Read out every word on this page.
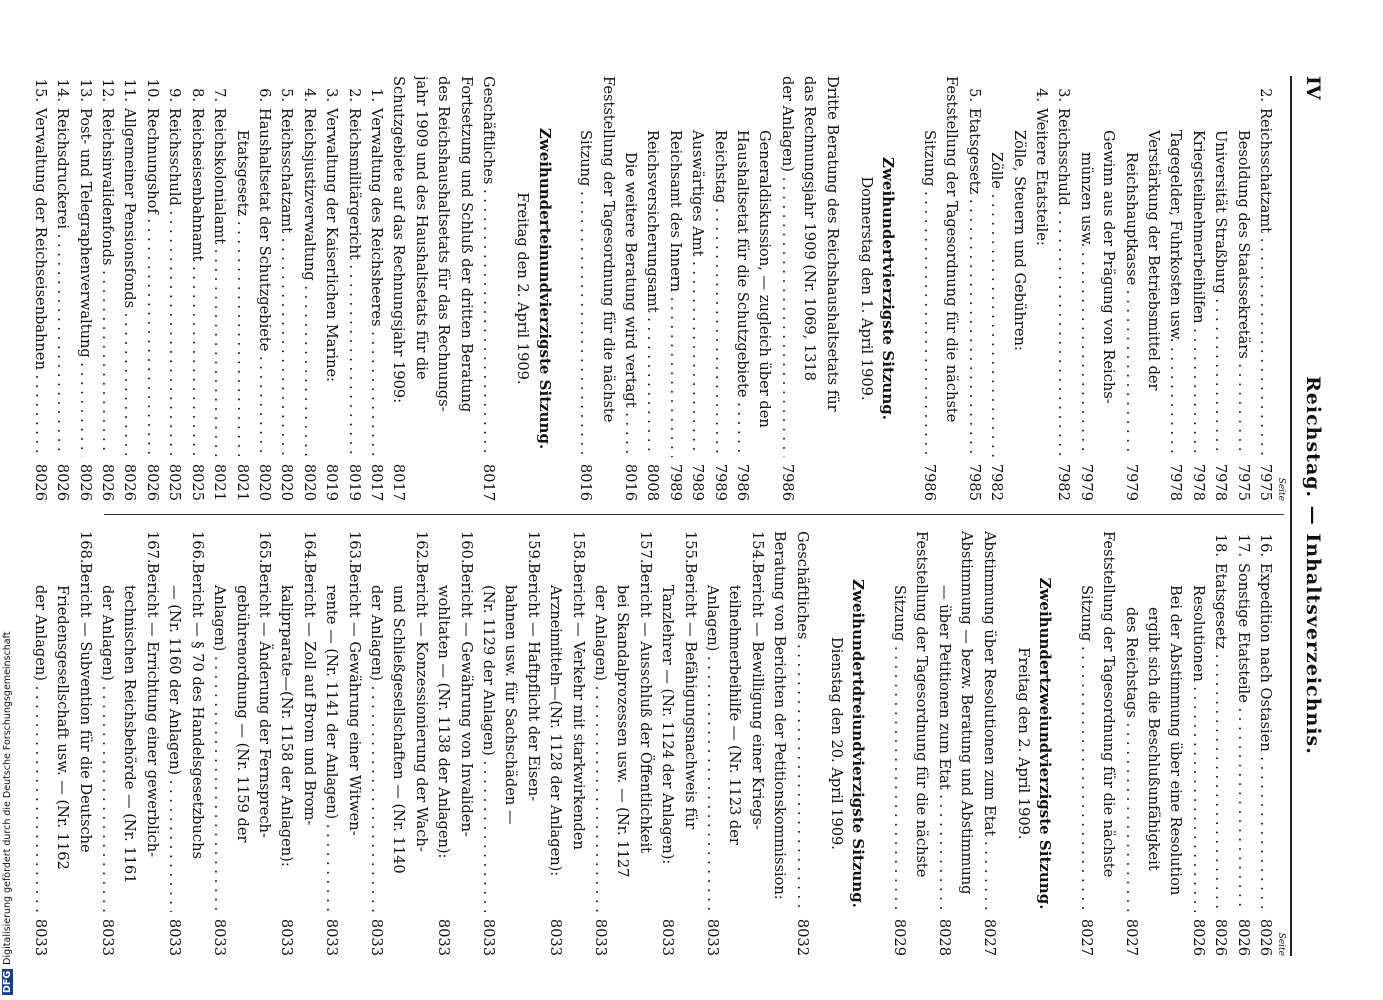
IV
Reichstag. — Inhaltsverzeichnis.
Seite
2.
Reichsschatzamt . . .
7975
Besoldung des Staatssekretärs . . .
7975
Universität Straßburg . . .
7978
Kriegsteilnehmerbeihilfen . . .
7978
Tagegelder, Fuhrkosten usw. . . .
7978
Verstärkung der Betriebsmittel der
Reichshauptkasse . . .
7979
Gewinn aus der Prägung von Reichs-
münzen usw. . . .
7979
3.
Reichsschuld . . .
7982
4.
Weitere Etatsteile:
Zölle, Steuern und Gebühren:
Zölle . . .
7982
5.
Etatsgesetz . . .
7985
Feststellung der Tagesordnung für die nächste
Sitzung . . .
7986
Zweihundertvierzigste Sitzung.
Donnerstag den 1. April 1909.
Dritte Beratung des Reichshaushaltsetats für
das Rechnungsjahr 1909 (Nr. 1069, 1318
der Anlagen) . . .
7986
Generaldiskussion, — zugleich über den
Haushaltsetat für die Schutzgebiete . . .
7986
Reichstag . . .
7989
Auswärtiges Amt . . .
7989
Reichsamt des Innern . . .
7989
Reichsversicherungsamt . . .
8008
Die weitere Beratung wird vertagt . . .
8016
Feststellung der Tagesordnung für die nächste
Sitzung . . .
8016
Zweihunderteinundvierzigste Sitzung.
Freitag den 2. April 1909.
Geschäftliches . . .
8017
Fortsetzung und Schluß der dritten Beratung
des Reichshaushaltsetats für das Rechnungs-
jahr 1909 und des Haushaltsetats für die
Schutzgebiete auf das Rechnungsjahr 1909:
8017
1.
Verwaltung des Reichsheeres . . .
8017
2.
Reichsmilitärgericht . . .
8019
3.
Verwaltung der Kaiserlichen Marine:
8019
4.
Reichsjustizverwaltung . . .
8020
5.
Reichsschatzamt . . .
8020
6.
Haushaltsetat der Schutzgebiete . . .
8020
Etatsgesetz . . .
8021
7.
Reichskolonialamt . . .
8021
8.
Reichseisenbahnamt . . .
8025
9.
Reichsschuld . . .
8025
10.
Rechnungshof . . .
8026
11.
Allgemeiner Pensionsfonds . . .
8026
12.
Reichsinvalidenfonds . . .
8026
13.
Post- und Telegraphenverwaltung . . .
8026
14.
Reichsdruckerei . . .
8026
15.
Verwaltung der Reichseisenbahnen . . .
8026
Seite
16.
Expedition nach Ostasien . . .
8026
17.
Sonstige Etatsteile . . .
8026
18.
Etatsgesetz . . .
8026
Resolutionen . . .
8026
Bei der Abstimmung über eine Resolution
ergibt sich die Beschlußunfähigkeit
des Reichstags . . .
8027
Feststellung der Tagesordnung für die nächste
Sitzung . . .
8027
Zweihundertzweiundvierzigste Sitzung.
Freitag den 2. April 1909.
Abstimmung über Resolutionen zum Etat . . .
8027
Abstimmung — bezw. Beratung und Abstimmung
— über Petitionen zum Etat . . .
8028
Feststellung der Tagesordnung für die nächste
Sitzung . . .
8029
Zweihundertdreiundvierzigste Sitzung.
Dienstag den 20. April 1909.
Geschäftliches . . .
8032
Beratung von Berichten der Petitionskommission:
154.
Bericht — Bewilligung einer Kriegs-
teilnehmerbeihilfe — (Nr. 1123 der
Anlagen) . . .
8033
155.
Bericht — Befähigungsnachweis für
Tanzlehrer — (Nr. 1124 der Anlagen):
8033
157.
Bericht — Ausschluß der Öffentlichkeit
bei Skandalprozessen usw. — (Nr. 1127
der Anlagen) . . .
8033
158.
Bericht — Verkehr mit starkwirkenden
Arzneimitteln—(Nr. 1128 der Anlagen):
8033
159.
Bericht — Haftpflicht der Eisen-
bahnen usw. für Sachschäden —
(Nr. 1129 der Anlagen) . . .
8033
160.
Bericht — Gewährung von Invaliden-
wohltaten — (Nr. 1138 der Anlagen):
8033
162.
Bericht — Konzessionierung der Wach-
und Schließgesellschaften — (Nr. 1140
der Anlagen) . . .
8033
163.
Bericht — Gewährung einer Witwen-
rente — (Nr. 1141 der Anlagen) . . .
8033
164.
Bericht — Zoll auf Brom und Brom-
kaliprparate—(Nr. 1158 der Anlagen):
8033
165.
Bericht — Änderung der Fernsprech-
gebührenordnung — (Nr. 1159 der
Anlagen) . . .
8033
166.
Bericht — § 70 des Handelsgesetzbuchs
— (Nr. 1160 der Anlagen) . . .
8033
167.
Bericht — Errichtung einer gewerblich-
technischen Reichsbehörde — (Nr. 1161
der Anlagen) . . .
8033
168.
Bericht — Subvention für die Deutsche
Friedensgesellschaft usw. — (Nr. 1162
der Anlagen) . . .
8033
DFGDigitalisierung gefördert durch die Deutsche Forschungsgemeinschaft
